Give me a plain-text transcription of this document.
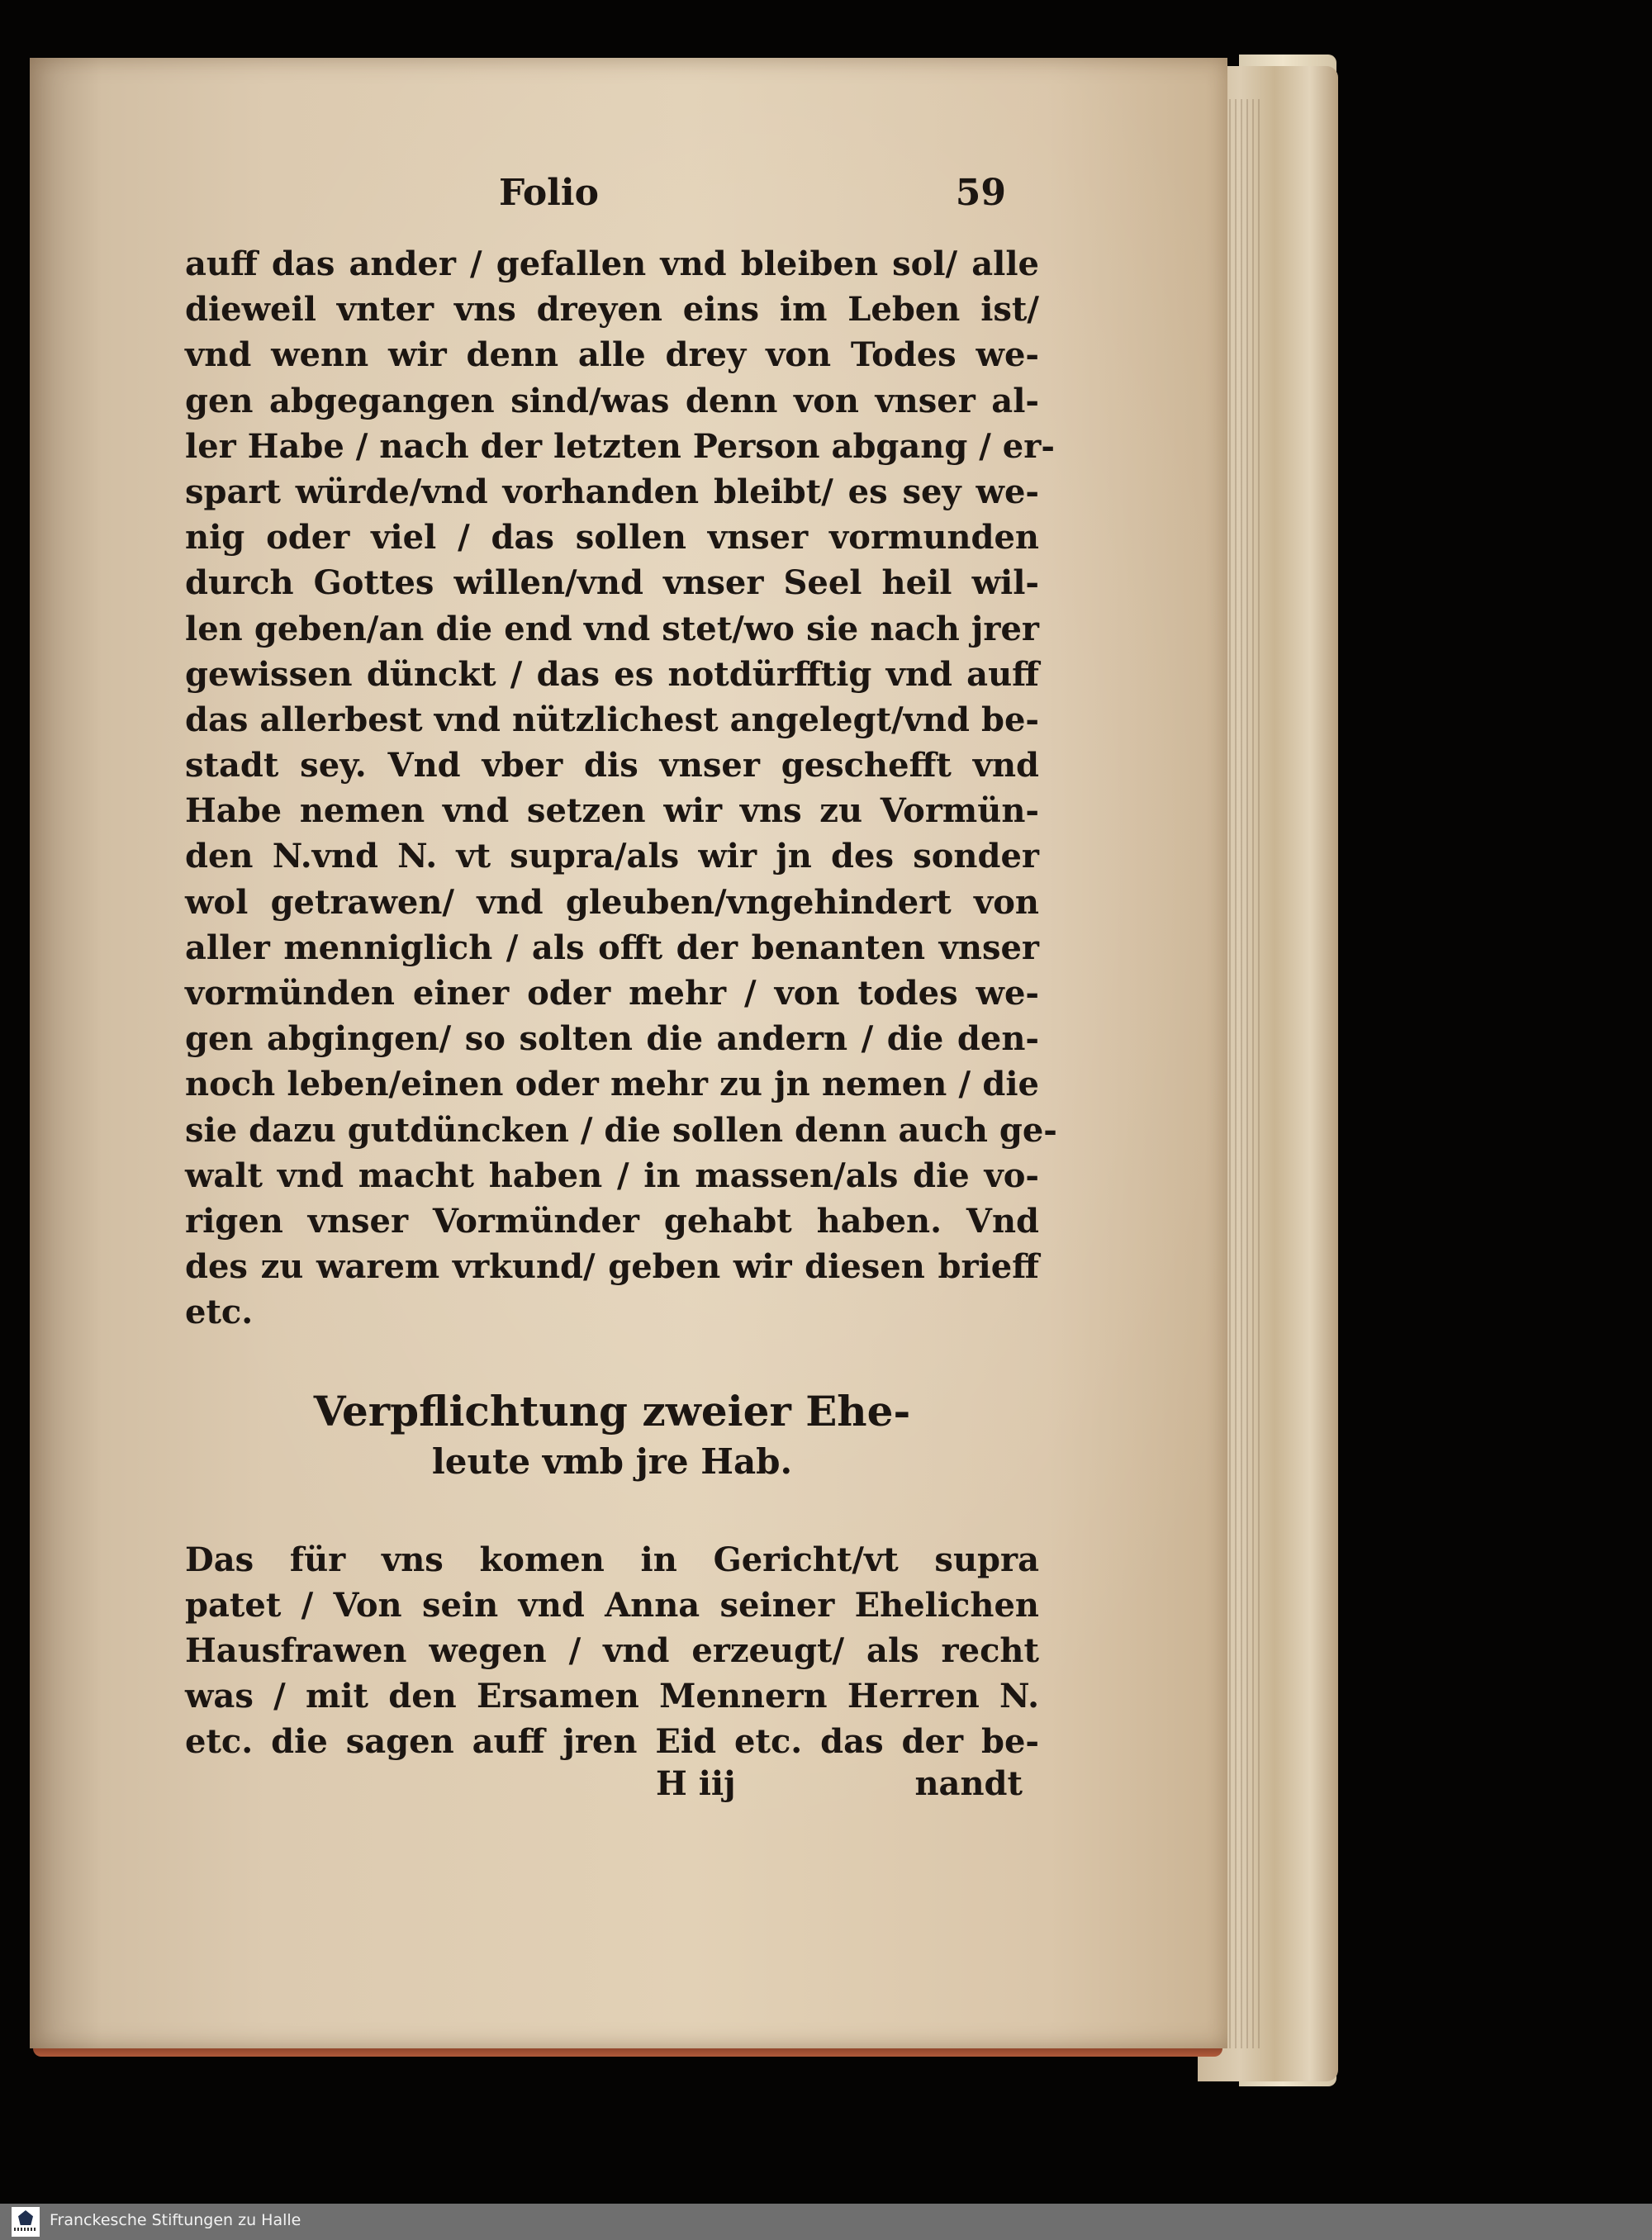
Folio	59
auff das ander / gefallen vnd bleiben sol/ alle
dieweil vnter vns dreyen eins im Leben ist/
vnd wenn wir denn alle drey von Todes we-
gen abgegangen sind/was denn von vnser al-
ler Habe / nach der letzten Person abgang / er-
spart würde/vnd vorhanden bleibt/ es sey we-
nig oder viel / das sollen vnser vormunden
durch Gottes willen/vnd vnser Seel heil wil-
len geben/an die end vnd stet/wo sie nach jrer
gewissen dünckt / das es notdürfftig vnd auff
das allerbest vnd nützlichest angelegt/vnd be-
stadt sey. Vnd vber dis vnser geschefft vnd
Habe nemen vnd setzen wir vns zu Vormün-
den N.vnd N. vt supra/als wir jn des sonder
wol getrawen/ vnd gleuben/vngehindert von
aller menniglich / als offt der benanten vnser
vormünden einer oder mehr / von todes we-
gen abgingen/ so solten die andern / die den-
noch leben/einen oder mehr zu jn nemen / die
sie dazu gutdüncken / die sollen denn auch ge-
walt vnd macht haben / in massen/als die vo-
rigen vnser Vormünder gehabt haben. Vnd
des zu warem vrkund/ geben wir diesen brieff
etc.
Verpflichtung zweier Ehe-
leute vmb jre Hab.
Das für vns komen in Gericht/vt supra
patet / Von sein vnd Anna seiner Ehelichen
Hausfrawen wegen / vnd erzeugt/ als recht
was / mit den Ersamen Mennern Herren N.
etc. die sagen auff jren Eid etc. das der be-
H iij	nandt
Franckesche Stiftungen zu Halle
